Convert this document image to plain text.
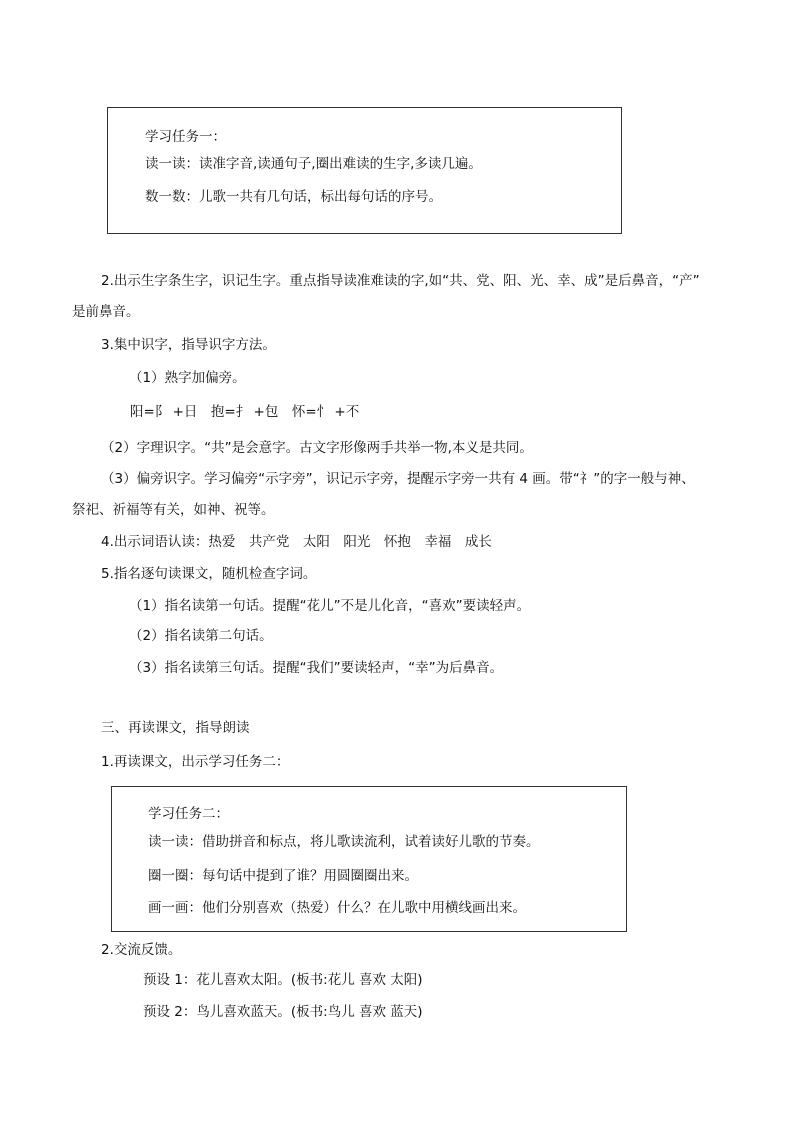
学习任务一：
读一读：读准字音,读通句子,圈出难读的生字,多读几遍。
数一数：儿歌一共有几句话，标出每句话的序号。
2.出示生字条生字，识记生字。重点指导读准难读的字,如“共、党、阳、光、幸、成”是后鼻音，“产”
是前鼻音。
3.集中识字，指导识字方法。
（1）熟字加偏旁。
阳=阝 +日　抱=扌 +包　怀=忄 +不
（2）字理识字。“共”是会意字。古文字形像两手共举一物,本义是共同。
（3）偏旁识字。学习偏旁“示字旁”，识记示字旁，提醒示字旁一共有 4 画。带“礻”的字一般与神、
祭祀、祈福等有关，如神、祝等。
4.出示词语认读：热爱　共产党　太阳　阳光　怀抱　幸福　成长
5.指名逐句读课文，随机检查字词。
（1）指名读第一句话。提醒“花儿”不是儿化音，“喜欢”要读轻声。
（2）指名读第二句话。
（3）指名读第三句话。提醒“我们”要读轻声，“幸”为后鼻音。
三、再读课文，指导朗读
1.再读课文，出示学习任务二：
学习任务二：
读一读：借助拼音和标点，将儿歌读流利，试着读好儿歌的节奏。
圈一圈：每句话中提到了谁？用圆圈圈出来。
画一画：他们分别喜欢（热爱）什么？在儿歌中用横线画出来。
2.交流反馈。
预设 1：花儿喜欢太阳。(板书:花儿 喜欢 太阳)
预设 2：鸟儿喜欢蓝天。(板书:鸟儿 喜欢 蓝天)
